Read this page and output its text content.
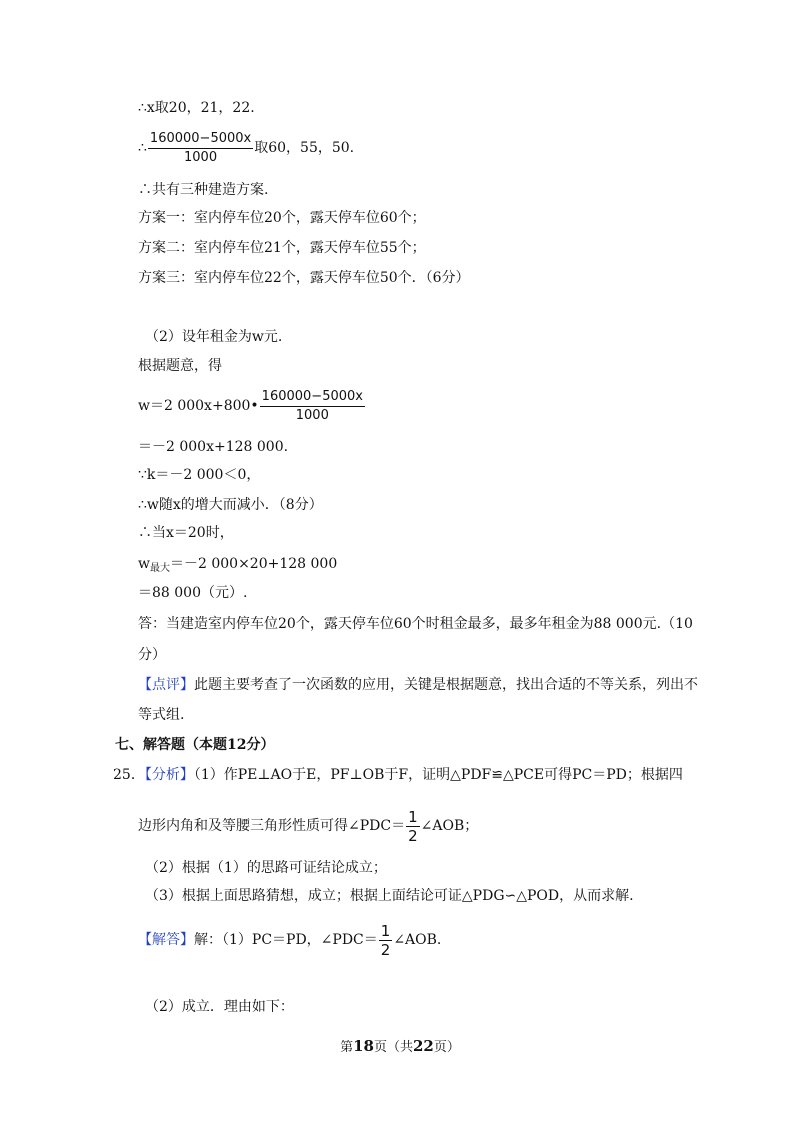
∴x取20，21，22.
∴ $\frac{160000-5000x}{1000}$ 取60，55，50.
∴共有三种建造方案.
方案一：室内停车位20个，露天停车位60个；
方案二：室内停车位21个，露天停车位55个；
方案三：室内停车位22个，露天停车位50个．（6分）
（2）设年租金为w元.
根据题意，得
w＝2 000x+800• $\frac{160000-5000x}{1000}$
＝－2 000x+128 000.
∵k＝－2 000＜0，
∴w随x的增大而减小．（8分）
∴当x＝20时，
$w_{最大}=-2$ 000×20+128 000
＝88 000（元）.
答：当建造室内停车位20个，露天停车位60个时租金最多，最多年租金为88 000元.（10
分）
【点评】此题主要考查了一次函数的应用，关键是根据题意，找出合适的不等关系，列出不
等式组.
七、解答题（本题12分）
25．【分析】（1）作PE⊥AO于E，PF⊥OB于F，证明△PDF≌△PCE可得PC＝PD；根据四
边形内角和及等腰三角形性质可得∠PDC＝ $\frac{1}{2}$ ∠AOB；
（2）根据（1）的思路可证结论成立；
（3）根据上面思路猜想，成立；根据上面结论可证△PDG∽△POD，从而求解.
【解答】解：（1）PC＝PD，∠PDC＝ $\frac{1}{2}$ ∠AOB.
（2）成立．理由如下：
第18页（共22页）
